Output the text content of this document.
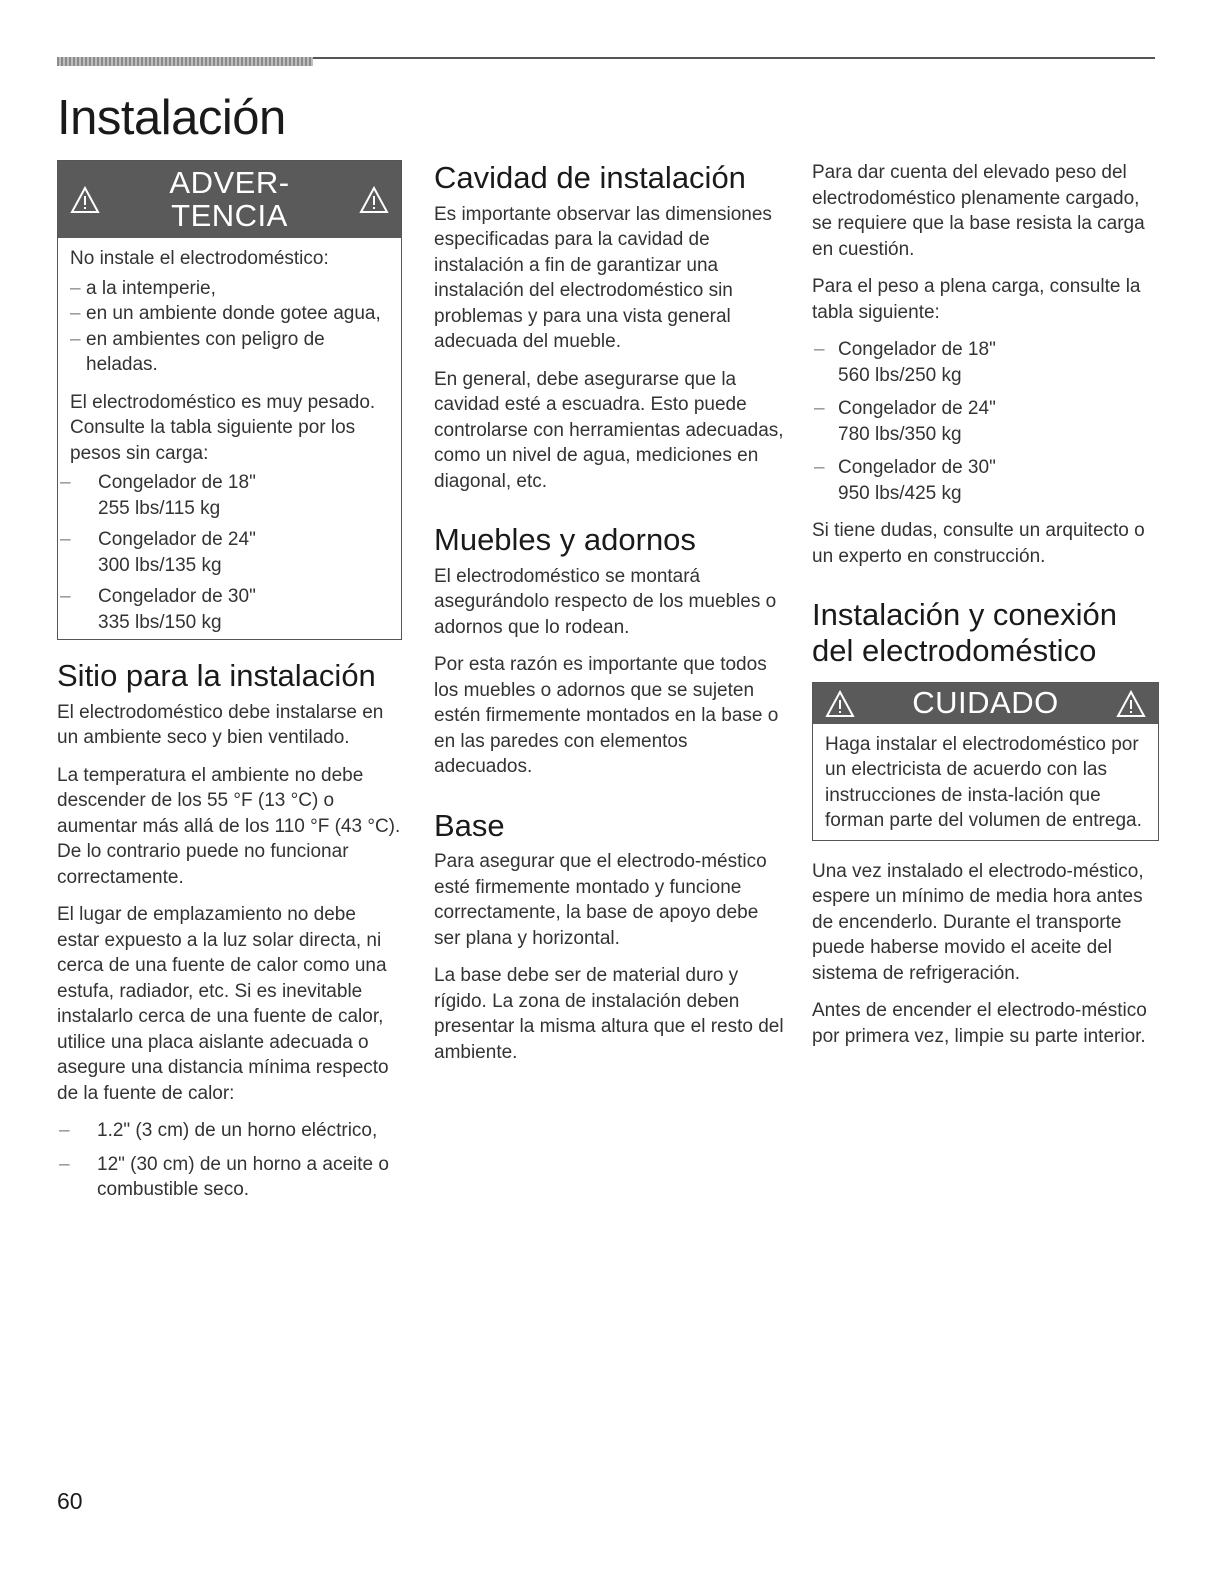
Instalación
ADVER-
TENCIA

No instale el electrodoméstico:

– a la intemperie,
– en un ambiente donde gotee agua,
– en ambientes con peligro de heladas.

El electrodoméstico es muy pesado. Consulte la tabla siguiente por los pesos sin carga:

– Congelador de 18"
255 lbs/115 kg
– Congelador de 24"
300 lbs/135 kg
– Congelador de 30"
335 lbs/150 kg
Sitio para la instalación

El electrodoméstico debe instalarse en un ambiente seco y bien ventilado.

La temperatura el ambiente no debe descender de los 55 °F (13 °C) o aumentar más allá de los 110 °F (43 °C). De lo contrario puede no funcionar correctamente.

El lugar de emplazamiento no debe estar expuesto a la luz solar directa, ni cerca de una fuente de calor como una estufa, radiador, etc. Si es inevitable instalarlo cerca de una fuente de calor, utilice una placa aislante adecuada o asegure una distancia mínima respecto de la fuente de calor:

– 1.2" (3 cm) de un horno eléctrico,
– 12" (30 cm) de un horno a aceite o combustible seco.
Cavidad de instalación

Es importante observar las dimensiones especificadas para la cavidad de instalación a fin de garantizar una instalación del electrodoméstico sin problemas y para una vista general adecuada del mueble.

En general, debe asegurarse que la cavidad esté a escuadra. Esto puede controlarse con herramientas adecuadas, como un nivel de agua, mediciones en diagonal, etc.

Muebles y adornos

El electrodoméstico se montará asegurándolo respecto de los muebles o adornos que lo rodean.

Por esta razón es importante que todos los muebles o adornos que se sujeten estén firmemente montados en la base o en las paredes con elementos adecuados.

Base

Para asegurar que el electrodo-méstico esté firmemente montado y funcione correctamente, la base de apoyo debe ser plana y horizontal.

La base debe ser de material duro y rígido. La zona de instalación deben presentar la misma altura que el resto del ambiente.

Para dar cuenta del elevado peso del electrodoméstico plenamente cargado, se requiere que la base resista la carga en cuestión.

Para el peso a plena carga, consulte la tabla siguiente:

– Congelador de 18"
560 lbs/250 kg
– Congelador de 24"
780 lbs/350 kg
– Congelador de 30"
950 lbs/425 kg

Si tiene dudas, consulte un arquitecto o un experto en construcción.

Instalación y conexión del electrodoméstico
CUIDADO

Haga instalar el electrodoméstico por un electricista de acuerdo con las instrucciones de insta-lación que forman parte del volumen de entrega.

Una vez instalado el electrodo-méstico, espere un mínimo de media hora antes de encenderlo. Durante el transporte puede haberse movido el aceite del sistema de refrigeración.

Antes de encender el electrodo-méstico por primera vez, limpie su parte interior.

60
